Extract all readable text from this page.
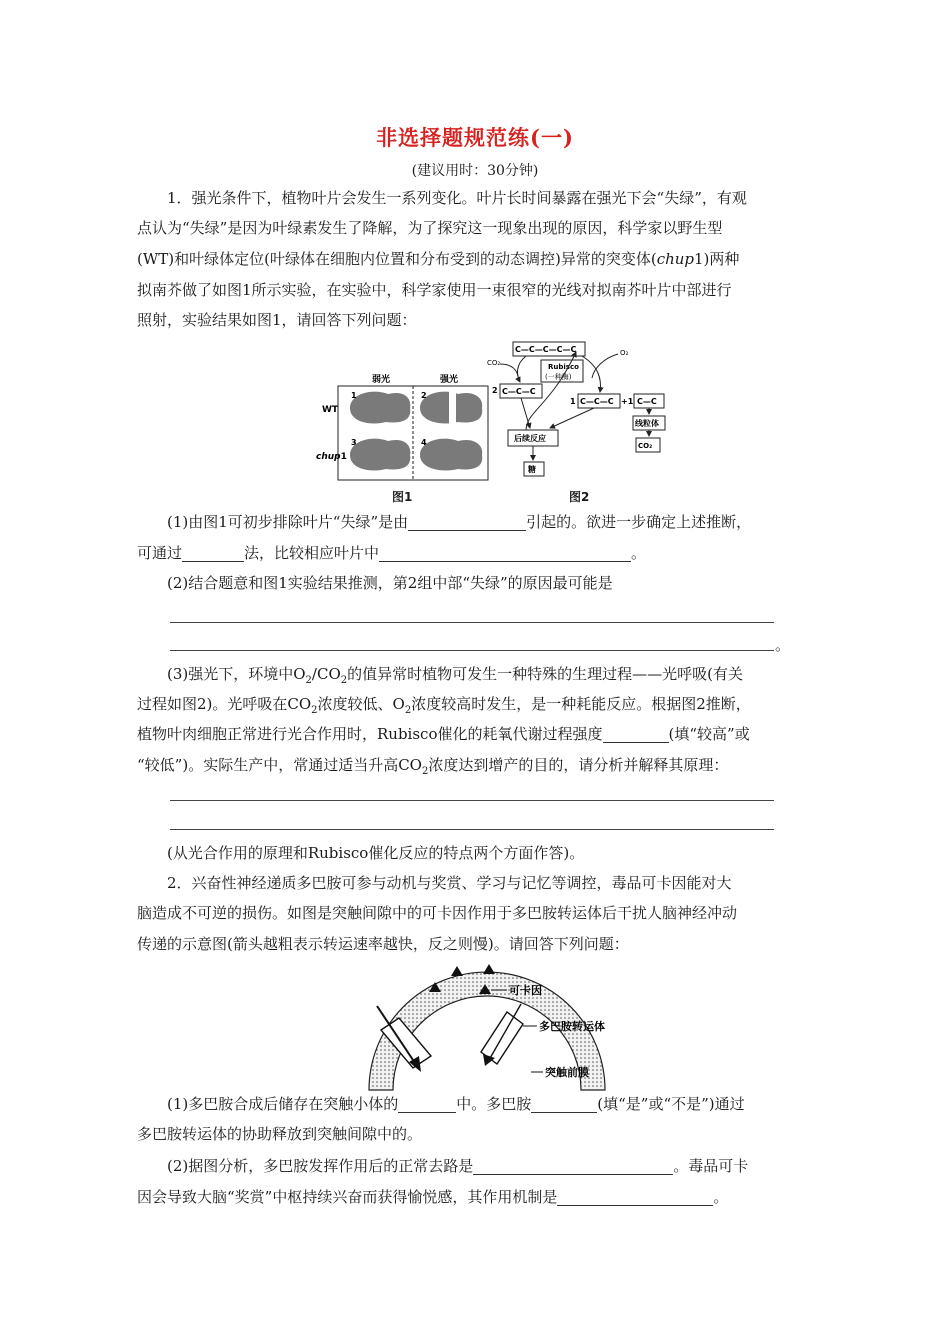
非选择题规范练(一)
(建议用时：30分钟)
1．强光条件下，植物叶片会发生一系列变化。叶片长时间暴露在强光下会“失绿”，有观
点认为“失绿”是因为叶绿素发生了降解，为了探究这一现象出现的原因，科学家以野生型
(WT)和叶绿体定位(叶绿体在细胞内位置和分布受到的动态调控)异常的突变体(chup1)两种
拟南芥做了如图1所示实验，在实验中，科学家使用一束很窄的光线对拟南芥叶片中部进行
照射，实验结果如图1，请回答下列问题：
弱光	强光
WT
chup1
1	2
3	4
图1
C—C—C—C—C
CO₂
O₂
Rubisco
(一种酶)
2 C—C—C
1 C—C—C +1 C—C
后续反应
线粒体
糖
CO₂
图2
(1)由图1可初步排除叶片“失绿”是由	引起的。欲进一步确定上述推断，
可通过	法，比较相应叶片中	。
(2)结合题意和图1实验结果推测，第2组中部“失绿”的原因最可能是
。
(3)强光下，环境中$O_2/CO_2$的值异常时植物可发生一种特殊的生理过程——光呼吸(有关
过程如图2)。光呼吸在$CO_2$浓度较低、$O_2$浓度较高时发生，是一种耗能反应。根据图2推断，
植物叶肉细胞正常进行光合作用时，Rubisco催化的耗氧代谢过程强度	(填“较高”或
“较低”)。实际生产中，常通过适当升高$CO_2$浓度达到增产的目的，请分析并解释其原理：
(从光合作用的原理和Rubisco催化反应的特点两个方面作答)。
2．兴奋性神经递质多巴胺可参与动机与奖赏、学习与记忆等调控，毒品可卡因能对大
脑造成不可逆的损伤。如图是突触间隙中的可卡因作用于多巴胺转运体后干扰人脑神经冲动
传递的示意图(箭头越粗表示转运速率越快，反之则慢)。请回答下列问题：
可卡因
多巴胺转运体
突触前膜
(1)多巴胺合成后储存在突触小体的	中。多巴胺	(填“是”或“不是”)通过
多巴胺转运体的协助释放到突触间隙中的。
(2)据图分析，多巴胺发挥作用后的正常去路是	。毒品可卡
因会导致大脑“奖赏”中枢持续兴奋而获得愉悦感，其作用机制是	。
